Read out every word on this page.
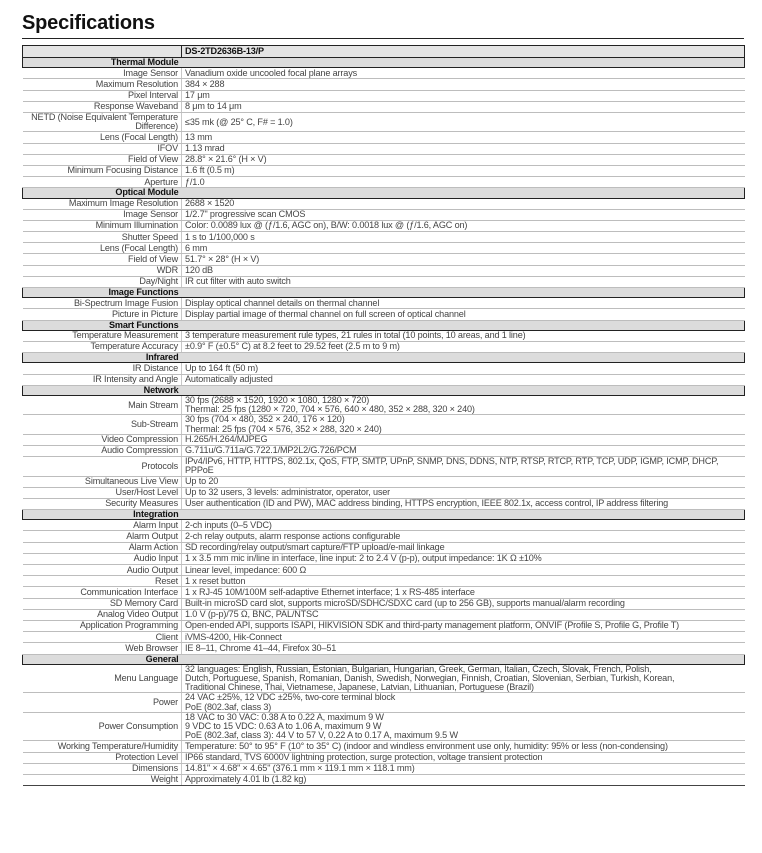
Specifications
	DS-2TD2636B-13/P
Thermal Module	
Image Sensor	Vanadium oxide uncooled focal plane arrays

Maximum Resolution	384 × 288

Pixel Interval	17 μm

Response Waveband	8 μm to 14 μm

NETD (Noise Equivalent Temperature Difference)	≤35 mk (@ 25° C, F# = 1.0)

Lens (Focal Length)	13 mm

IFOV	1.13 mrad

Field of View	28.8° × 21.6° (H × V)

Minimum Focusing Distance	1.6 ft (0.5 m)

Aperture	ƒ/1.0

Optical Module	
Maximum Image Resolution	2688 × 1520

Image Sensor	1/2.7" progressive scan CMOS

Minimum Illumination	Color: 0.0089 lux @ (ƒ/1.6, AGC on), B/W: 0.0018 lux @ (ƒ/1.6, AGC on)

Shutter Speed	1 s to 1/100,000 s

Lens (Focal Length)	6 mm

Field of View	51.7° × 28° (H × V)

WDR	120 dB

Day/Night	IR cut filter with auto switch

Image Functions	
Bi-Spectrum Image Fusion	Display optical channel details on thermal channel

Picture in Picture	Display partial image of thermal channel on full screen of optical channel

Smart Functions	
Temperature Measurement	3 temperature measurement rule types, 21 rules in total (10 points, 10 areas, and 1 line)

Temperature Accuracy	±0.9° F (±0.5° C) at 8.2 feet to 29.52 feet (2.5 m to 9 m)

Infrared	
IR Distance	Up to 164 ft (50 m)

IR Intensity and Angle	Automatically adjusted

Network	
Main Stream	30 fps (2688 × 1520, 1920 × 1080, 1280 × 720)
Thermal: 25 fps (1280 × 720, 704 × 576, 640 × 480, 352 × 288, 320 × 240)

Sub-Stream	30 fps (704 × 480, 352 × 240, 176 × 120)
Thermal: 25 fps (704 × 576, 352 × 288, 320 × 240)

Video Compression	H.265/H.264/MJPEG

Audio Compression	G.711u/G.711a/G.722.1/MP2L2/G.726/PCM

Protocols	IPv4/IPv6, HTTP, HTTPS, 802.1x, QoS, FTP, SMTP, UPnP, SNMP, DNS, DDNS, NTP, RTSP, RTCP, RTP, TCP, UDP, IGMP, ICMP, DHCP,
PPPoE

Simultaneous Live View	Up to 20

User/Host Level	Up to 32 users, 3 levels: administrator, operator, user

Security Measures	User authentication (ID and PW), MAC address binding, HTTPS encryption, IEEE 802.1x, access control, IP address filtering

Integration	
Alarm Input	2-ch inputs (0–5 VDC)

Alarm Output	2-ch relay outputs, alarm response actions configurable

Alarm Action	SD recording/relay output/smart capture/FTP upload/e-mail linkage

Audio Input	1 x 3.5 mm mic in/line in interface, line input: 2 to 2.4 V (p-p), output impedance: 1K Ω ±10%

Audio Output	Linear level, impedance: 600 Ω

Reset	1 x reset button

Communication Interface	1 x RJ-45 10M/100M self-adaptive Ethernet interface; 1 x RS-485 interface

SD Memory Card	Built-in microSD card slot, supports microSD/SDHC/SDXC card (up to 256 GB), supports manual/alarm recording

Analog Video Output	1.0 V (p-p)/75 Ω, BNC, PAL/NTSC

Application Programming	Open-ended API, supports ISAPI, HIKVISION SDK and third-party management platform, ONVIF (Profile S, Profile G, Profile T)

Client	iVMS-4200, Hik-Connect

Web Browser	IE 8–11, Chrome 41–44, Firefox 30–51

General	
Menu Language	32 languages: English, Russian, Estonian, Bulgarian, Hungarian, Greek, German, Italian, Czech, Slovak, French, Polish,
Dutch, Portuguese, Spanish, Romanian, Danish, Swedish, Norwegian, Finnish, Croatian, Slovenian, Serbian, Turkish, Korean,
Traditional Chinese, Thai, Vietnamese, Japanese, Latvian, Lithuanian, Portuguese (Brazil)

Power	24 VAC ±25%, 12 VDC ±25%, two-core terminal block
PoE (802.3af, class 3)

Power Consumption	18 VAC to 30 VAC: 0.38 A to 0.22 A, maximum 9 W
9 VDC to 15 VDC: 0.63 A to 1.06 A, maximum 9 W
PoE (802.3af, class 3): 44 V to 57 V, 0.22 A to 0.17 A, maximum 9.5 W

Working Temperature/Humidity	Temperature: 50° to 95° F (10° to 35° C) (indoor and windless environment use only, humidity: 95% or less (non-condensing)

Protection Level	IP66 standard, TVS 6000V lightning protection, surge protection, voltage transient protection

Dimensions	14.81" × 4.68" × 4.65" (376.1 mm × 119.1 mm × 118.1 mm)

Weight	Approximately 4.01 lb (1.82 kg)
